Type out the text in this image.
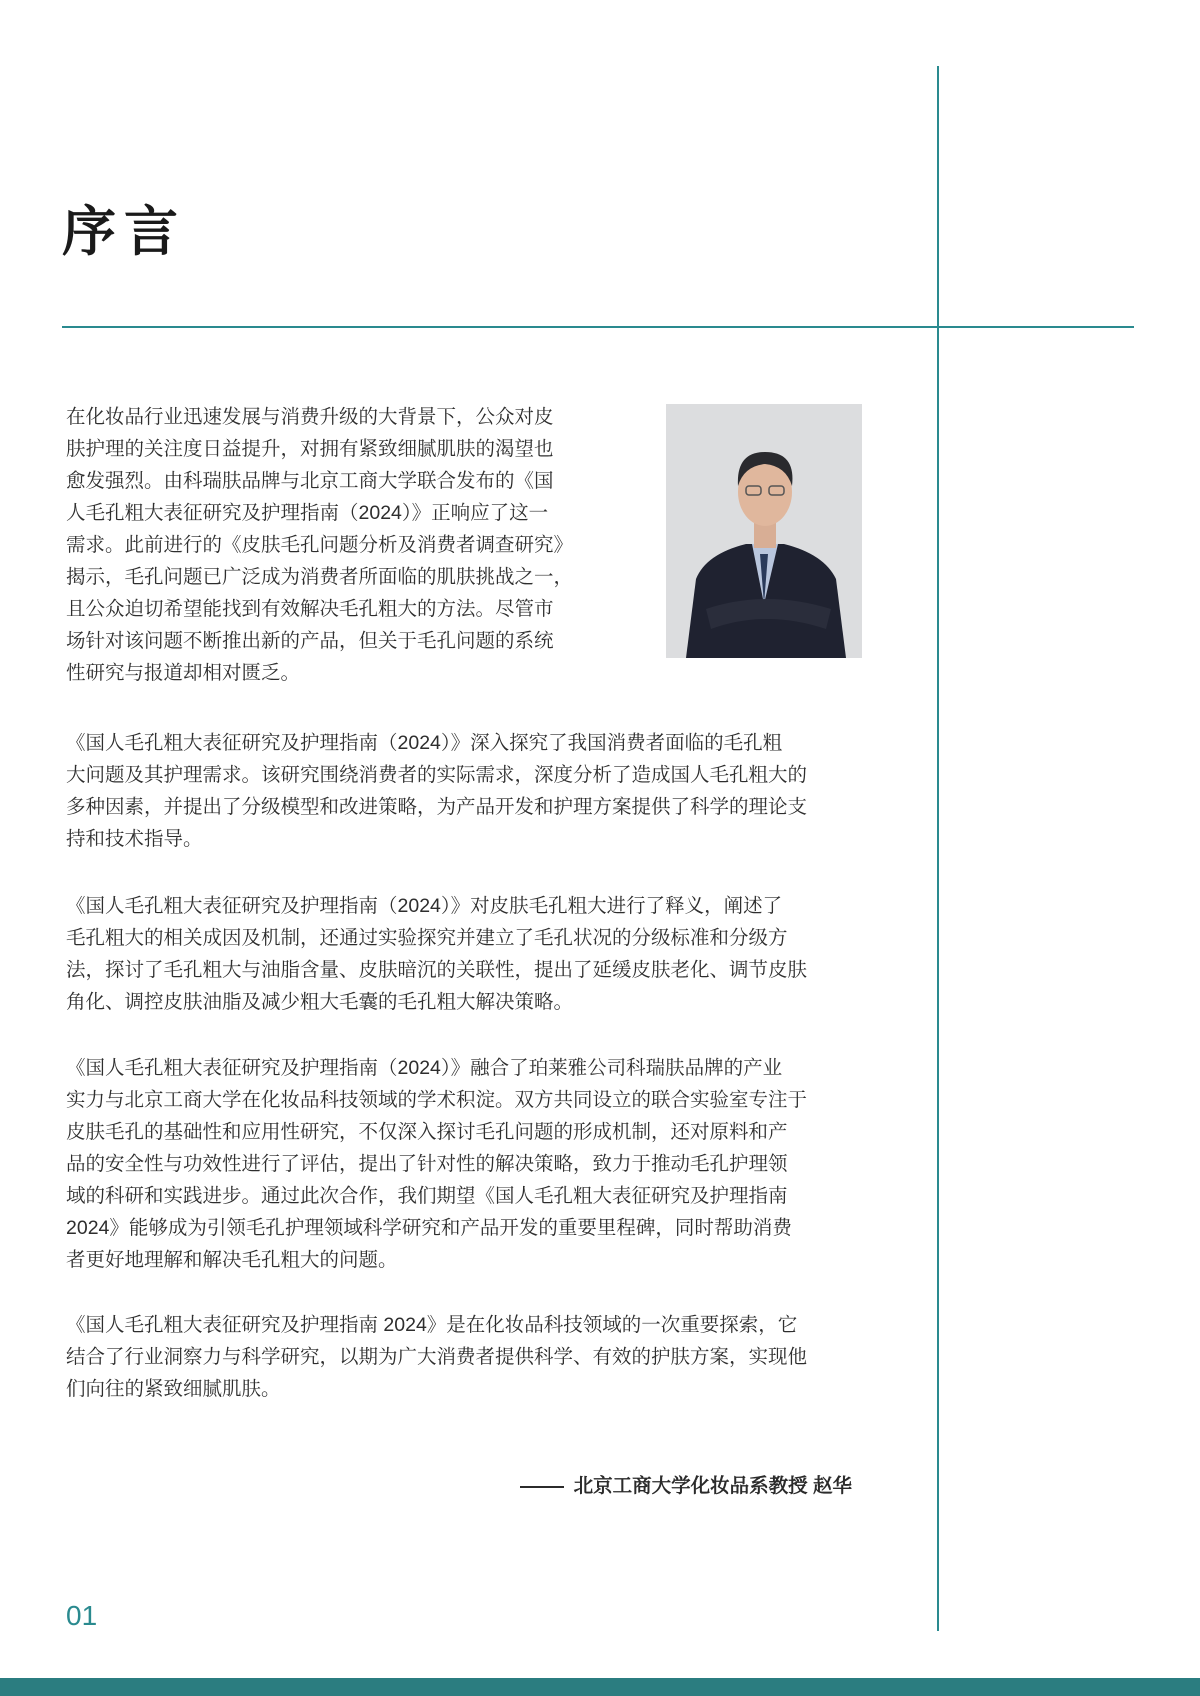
序言
在化妆品行业迅速发展与消费升级的大背景下，公众对皮
肤护理的关注度日益提升，对拥有紧致细腻肌肤的渴望也
愈发强烈。由科瑞肤品牌与北京工商大学联合发布的《国
人毛孔粗大表征研究及护理指南（2024）》正响应了这一
需求。此前进行的《皮肤毛孔问题分析及消费者调查研究》
揭示，毛孔问题已广泛成为消费者所面临的肌肤挑战之一，
且公众迫切希望能找到有效解决毛孔粗大的方法。尽管市
场针对该问题不断推出新的产品，但关于毛孔问题的系统
性研究与报道却相对匮乏。
《国人毛孔粗大表征研究及护理指南（2024）》深入探究了我国消费者面临的毛孔粗
大问题及其护理需求。该研究围绕消费者的实际需求，深度分析了造成国人毛孔粗大的
多种因素，并提出了分级模型和改进策略，为产品开发和护理方案提供了科学的理论支
持和技术指导。
《国人毛孔粗大表征研究及护理指南（2024）》对皮肤毛孔粗大进行了释义，阐述了
毛孔粗大的相关成因及机制，还通过实验探究并建立了毛孔状况的分级标准和分级方
法，探讨了毛孔粗大与油脂含量、皮肤暗沉的关联性，提出了延缓皮肤老化、调节皮肤
角化、调控皮肤油脂及减少粗大毛囊的毛孔粗大解决策略。
《国人毛孔粗大表征研究及护理指南（2024）》融合了珀莱雅公司科瑞肤品牌的产业
实力与北京工商大学在化妆品科技领域的学术积淀。双方共同设立的联合实验室专注于
皮肤毛孔的基础性和应用性研究，不仅深入探讨毛孔问题的形成机制，还对原料和产
品的安全性与功效性进行了评估，提出了针对性的解决策略，致力于推动毛孔护理领
域的科研和实践进步。通过此次合作，我们期望《国人毛孔粗大表征研究及护理指南
2024》能够成为引领毛孔护理领域科学研究和产品开发的重要里程碑，同时帮助消费
者更好地理解和解决毛孔粗大的问题。
《国人毛孔粗大表征研究及护理指南 2024》是在化妆品科技领域的一次重要探索，它
结合了行业洞察力与科学研究，以期为广大消费者提供科学、有效的护肤方案，实现他
们向往的紧致细腻肌肤。
北京工商大学化妆品系教授 赵华
01
